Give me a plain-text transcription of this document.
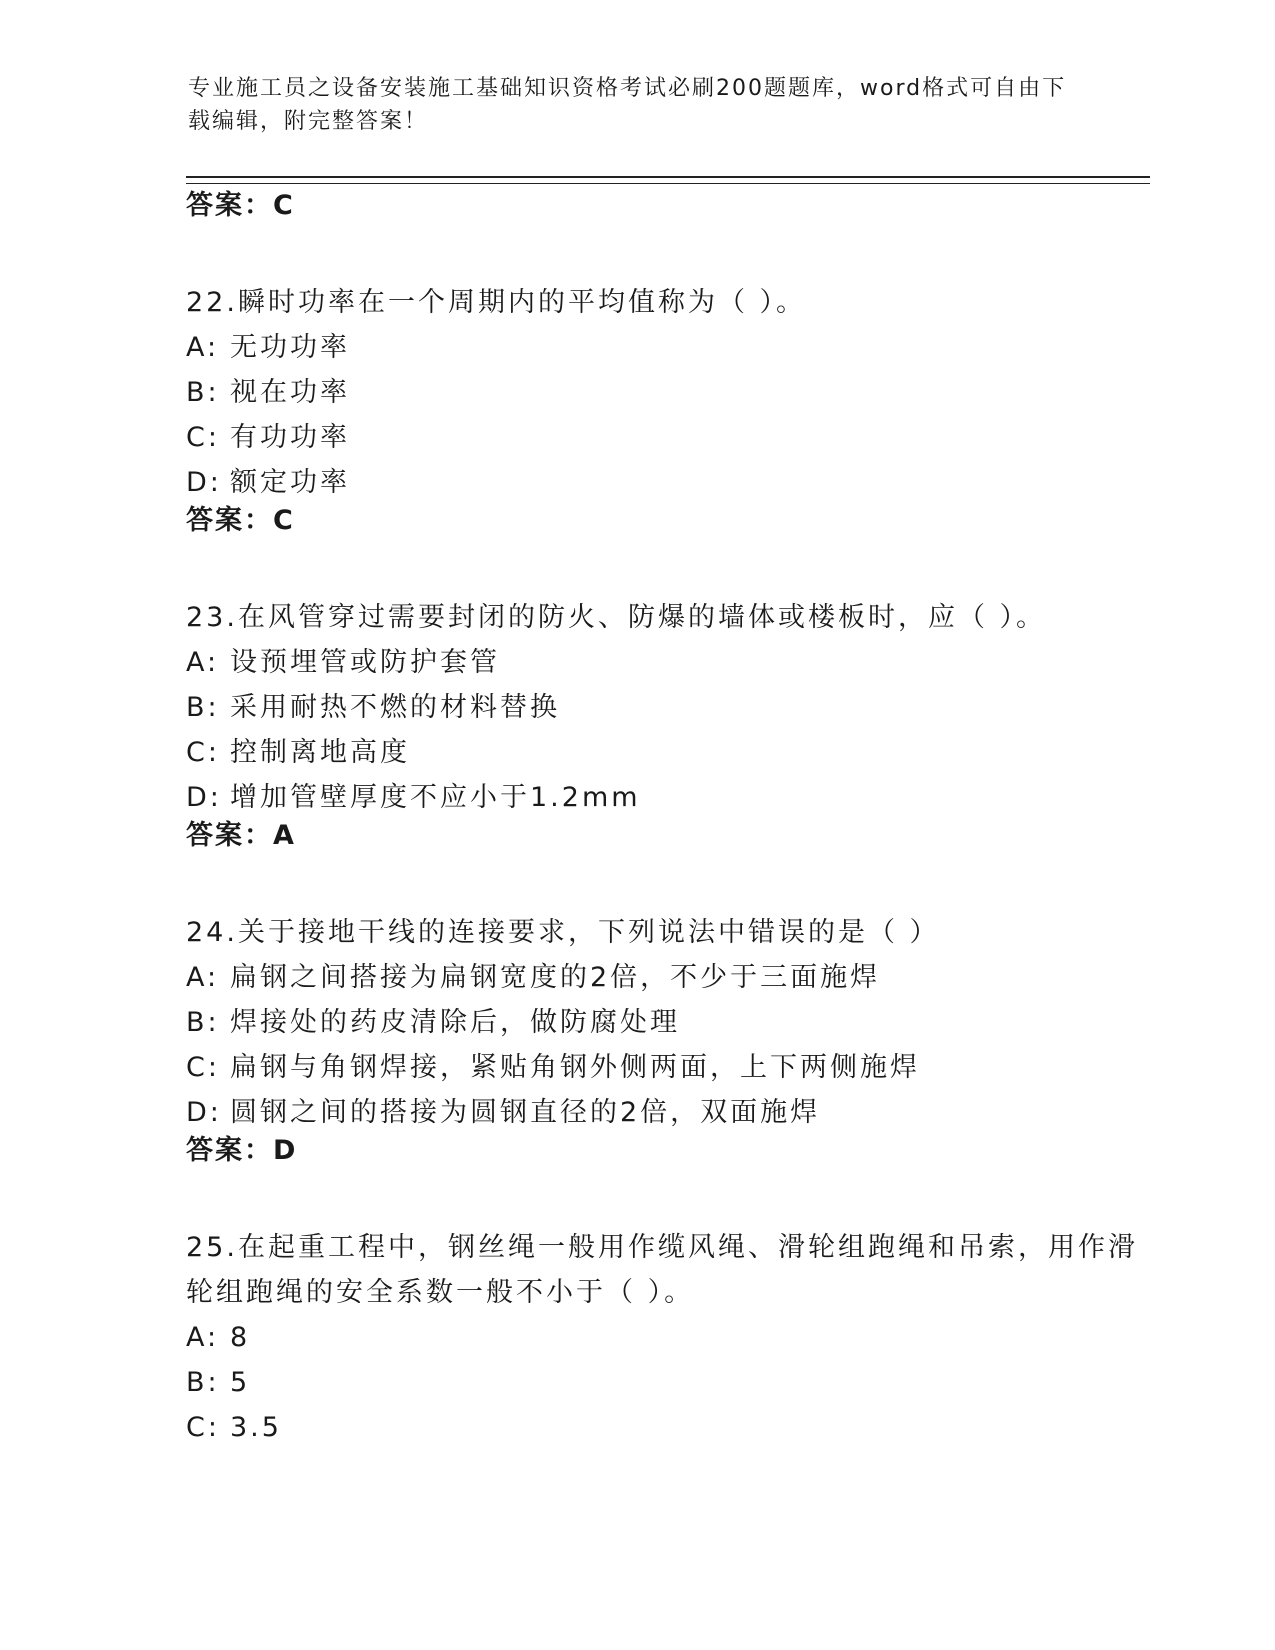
专业施工员之设备安装施工基础知识资格考试必刷200题题库，word格式可自由下载编辑，附完整答案！
答案：C
22.瞬时功率在一个周期内的平均值称为（ ）。
A: 无功功率
B: 视在功率
C: 有功功率
D: 额定功率
答案：C
23.在风管穿过需要封闭的防火、防爆的墙体或楼板时，应（ ）。
A: 设预埋管或防护套管
B: 采用耐热不燃的材料替换
C: 控制离地高度
D: 增加管壁厚度不应小于1.2mm
答案：A
24.关于接地干线的连接要求，下列说法中错误的是（ ）
A: 扁钢之间搭接为扁钢宽度的2倍，不少于三面施焊
B: 焊接处的药皮清除后，做防腐处理
C: 扁钢与角钢焊接，紧贴角钢外侧两面，上下两侧施焊
D: 圆钢之间的搭接为圆钢直径的2倍，双面施焊
答案：D
25.在起重工程中，钢丝绳一般用作缆风绳、滑轮组跑绳和吊索，用作滑轮组跑绳的安全系数一般不小于（ ）。
A: 8
B: 5
C: 3.5
